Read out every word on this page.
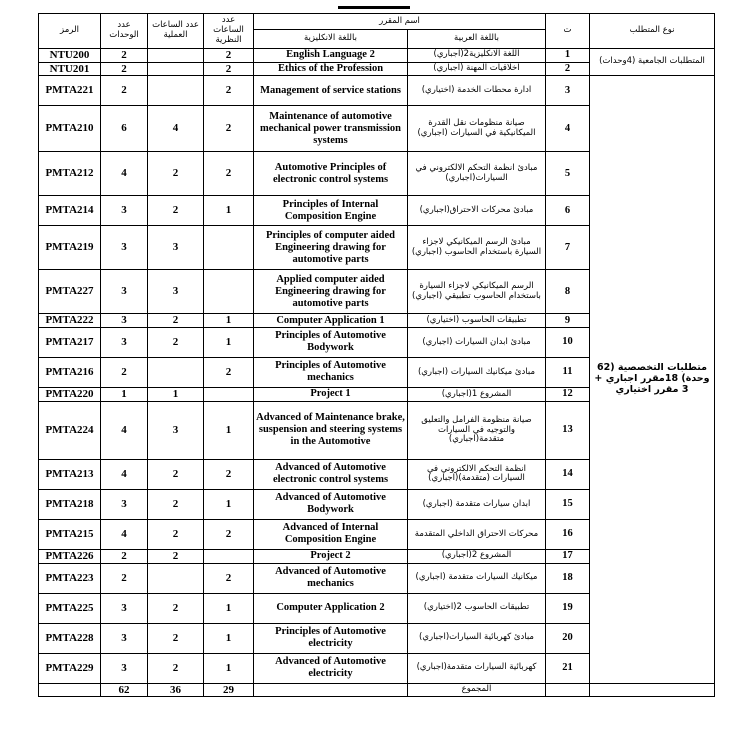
الرمز	عدد الوحدات	عدد الساعات العملية	عدد الساعات النظرية	اسم المقرر		ت	نوع المتطلب
				باللغة الانكليزية	باللغة العربية		
NTU200	2		2	English Language 2	اللغة الانكليزية2(اجباري)	1	المتطلبات الجامعية (4وحدات)
NTU201	2		2	Ethics of the Profession	اخلاقيات المهنة (اجباري)	2	
PMTA221	2		2	Management of service stations	ادارة محطات الخدمة (اختياري)	3	متطلبات التخصصية (62 وحدة) 18مقرر اجباري + 3 مقرر اختياري
PMTA210	6	4	2	Maintenance of automotive mechanical power transmission systems	صيانة منظومات نقل القدرة الميكانيكية في السيارات (اجباري)	4	
PMTA212	4	2	2	Automotive Principles of electronic control systems	مبادئ انظمة التحكم الالكتروني في السيارات(اجباري)	5	
PMTA214	3	2	1	Principles of Internal Composition Engine	مبادئ محركات الاحتراق(اجباري)	6	
PMTA219	3	3		Principles of computer aided Engineering drawing for automotive parts	مبادئ الرسم الميكانيكي لاجزاء السيارة باستخدام الحاسوب (اجباري)	7	
PMTA227	3	3		Applied computer aided Engineering drawing for automotive parts	الرسم الميكانيكي لاجزاء السيارة باستخدام الحاسوب تطبيقي (اجباري)	8	
PMTA222	3	2	1	Computer Application 1	تطبيقات الحاسوب (اختياري)	9	
PMTA217	3	2	1	Principles of Automotive Bodywork	مبادئ ابدان السيارات (اجباري)	10	
PMTA216	2		2	Principles of Automotive mechanics	مبادئ ميكانيك السيارات (اجباري)	11	
PMTA220	1	1		Project 1	المشروع 1(اجباري)	12	
PMTA224	4	3	1	Advanced of Maintenance brake, suspension and steering systems in the Automotive	صيانة منظومة الفرامل والتعليق والتوجيه في السيارات متقدمة(اجباري)	13	
PMTA213	4	2	2	Advanced of Automotive electronic control systems	انظمة التحكم الالكتروني في السيارات (متقدمة)(اجباري)	14	
PMTA218	3	2	1	Advanced of Automotive Bodywork	ابدان سيارات متقدمة (اجباري)	15	
PMTA215	4	2	2	Advanced of Internal Composition Engine	محركات الاحتراق الداخلي المتقدمة	16	
PMTA226	2	2		Project 2	المشروع 2(اجباري)	17	
PMTA223	2		2	Advanced of Automotive mechanics	ميكانيك السيارات متقدمة (اجباري)	18	
PMTA225	3	2	1	Computer Application 2	تطبيقات الحاسوب 2(اختياري)	19	
PMTA228	3	2	1	Principles of Automotive electricity	مبادئ كهربائية السيارات(اجباري)	20	
PMTA229	3	2	1	Advanced of Automotive electricity	كهربائية السيارات متقدمة(اجباري)	21	
	62	36	29		المجموع		
